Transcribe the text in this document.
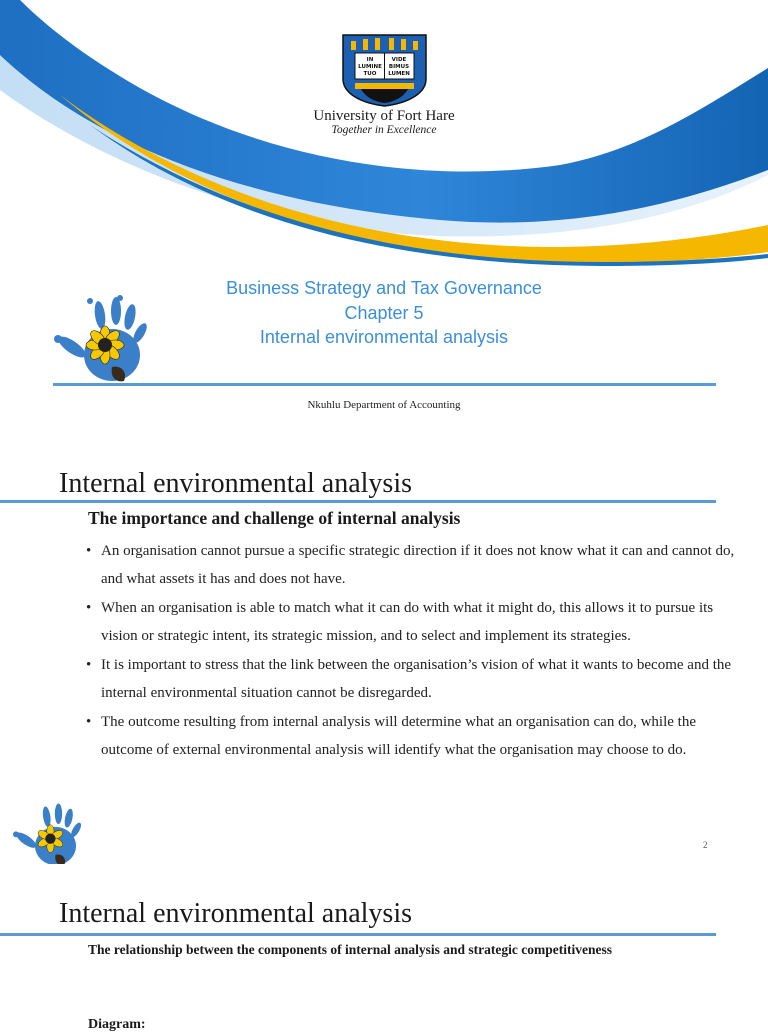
IN	VIDE
LUMINE BIMUS
TUO LUMEN
University of Fort Hare
Together in Excellence
Business Strategy and Tax Governance
Chapter 5
Internal environmental analysis
Nkuhlu Department of Accounting
Internal environmental analysis
The importance and challenge of internal analysis
• An organisation cannot pursue a specific strategic direction if it does not know what it can and cannot do, and what assets it has and does not have.
• When an organisation is able to match what it can do with what it might do, this allows it to pursue its vision or strategic intent, its strategic mission, and to select and implement its strategies.
• It is important to stress that the link between the organisation’s vision of what it wants to become and the internal environmental situation cannot be disregarded.
• The outcome resulting from internal analysis will determine what an organisation can do, while the outcome of external environmental analysis will identify what the organisation may choose to do.
2
Internal environmental analysis
The relationship between the components of internal analysis and strategic competitiveness
Diagram:
